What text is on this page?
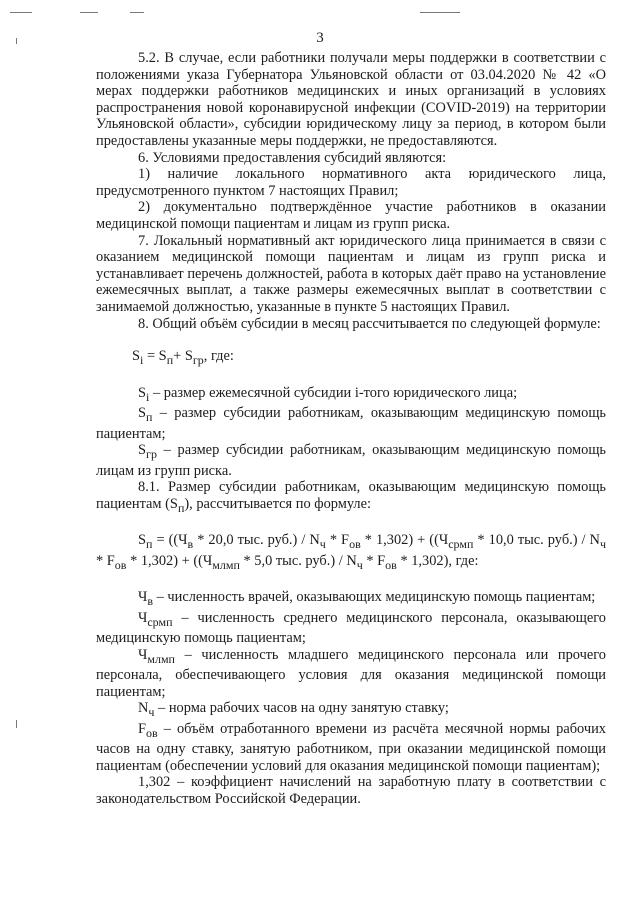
3

5.2. В случае, если работники получали меры поддержки в соответствии с положениями указа Губернатора Ульяновской области от 03.04.2020 № 42 «О мерах поддержки работников медицинских и иных организаций в условиях распространения новой коронавирусной инфекции (COVID-2019) на территории Ульяновской области», субсидии юридическому лицу за период, в котором были предоставлены указанные меры поддержки, не предоставляются.

6. Условиями предоставления субсидий являются:

1) наличие локального нормативного акта юридического лица, предусмотренного пунктом 7 настоящих Правил;

2) документально подтверждённое участие работников в оказании медицинской помощи пациентам и лицам из групп риска.

7. Локальный нормативный акт юридического лица принимается в связи с оказанием медицинской помощи пациентам и лицам из групп риска и устанавливает перечень должностей, работа в которых даёт право на установление ежемесячных выплат, а также размеры ежемесячных выплат в соответствии с занимаемой должностью, указанные в пункте 5 настоящих Правил.

8. Общий объём субсидии в месяц рассчитывается по следующей формуле:

$S_i = S_п+ S_{гр}$, где:

$S_i$ – размер ежемесячной субсидии i-того юридического лица;

$S_п$ – размер субсидии работникам, оказывающим медицинскую помощь пациентам;

$S_{гр}$ – размер субсидии работникам, оказывающим медицинскую помощь лицам из групп риска.

8.1. Размер субсидии работникам, оказывающим медицинскую помощь пациентам $(S_п)$, рассчитывается по формуле:

$S_п = ((Ч_в * 20,0$ тыс. $руб.) / N_ч * F_{ов} * 1,302) + ((Ч_{срмп} * 10,0$ тыс. $руб.) / N_ч * F_{ов} * 1,302) + ((Ч_{млмп} * 5,0$ тыс. $руб.) / N_ч * F_{ов} * 1,302$), где:

$Ч_в$ – численность врачей, оказывающих медицинскую помощь пациентам;

$Ч_{срмп}$ – численность среднего медицинского персонала, оказывающего медицинскую помощь пациентам;

$Ч_{млмп}$ – численность младшего медицинского персонала или прочего персонала, обеспечивающего условия для оказания медицинской помощи пациентам;

$N_ч$ – норма рабочих часов на одну занятую ставку;

$F_{ов}$ – объём отработанного времени из расчёта месячной нормы рабочих часов на одну ставку, занятую работником, при оказании медицинской помощи пациентам (обеспечении условий для оказания медицинской помощи пациентам);

1,302 – коэффициент начислений на заработную плату в соответствии с законодательством Российской Федерации.
